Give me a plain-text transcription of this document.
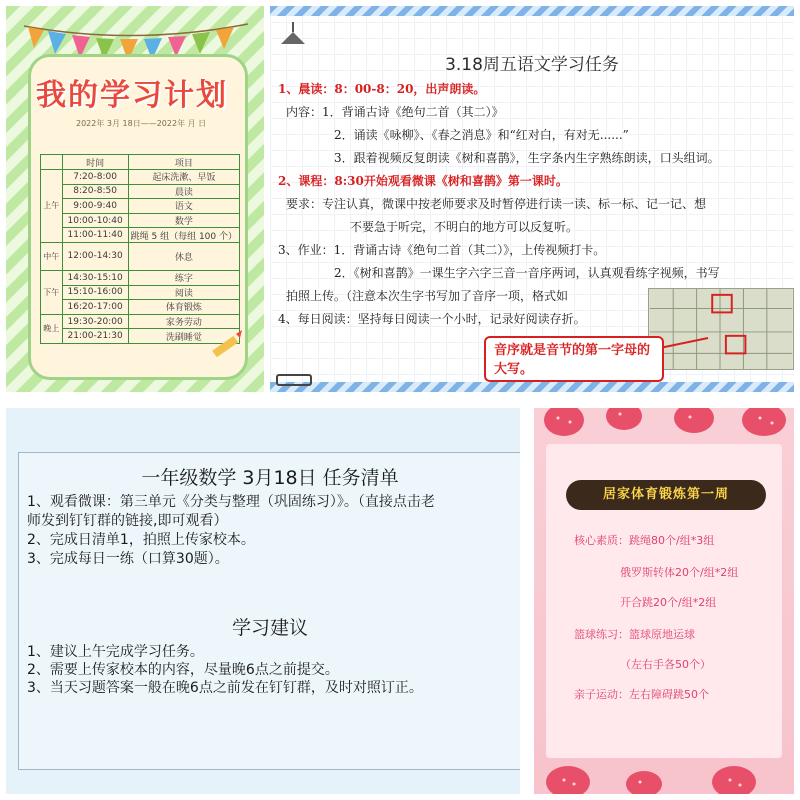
我的学习计划
2022年 3月 18日——2022年 月 日
	时间	项目
上午	7:20-8:00	起床洗漱、早饭
	8:20-8:50	晨读
	9:00-9:40	语文
	10:00-10:40	数学
	11:00-11:40	跳绳 5 组（每组 100 个）
中午	12:00-14:30	休息
下午	14:30-15:10	练字
	15:10-16:00	阅读
	16:20-17:00	体育锻炼
晚上	19:30-20:00	家务劳动
	21:00-21:30	洗刷睡觉
3.18周五语文学习任务
1、晨读：8：00-8：20，出声朗读。
内容：1．背诵古诗《绝句二首（其二）》
2．诵读《咏柳》、《春之消息》和“红对白，有对无......”
3．跟着视频反复朗读《树和喜鹊》，生字条内生字熟练朗读，口头组词。
2、课程：8:30开始观看微课《树和喜鹊》第一课时。
要求：专注认真，微课中按老师要求及时暂停进行读一读、标一标、记一记、想
不要急于听完，不明白的地方可以反复听。
3、作业：1．背诵古诗《绝句二首（其二）》，上传视频打卡。
2．《树和喜鹊》一课生字六字三音一音序两词，认真观看练字视频，书写
拍照上传。（注意本次生字书写加了音序一项，格式如
4、每日阅读：坚持每日阅读一个小时，记录好阅读存折。
音序就是音节的第一字母的大写。
一年级数学 3月18日 任务清单
1、观看微课：第三单元《分类与整理（巩固练习）》。（直接点击老
师发到钉钉群的链接,即可观看）
2、完成日清单1，拍照上传家校本。
3、完成每日一练（口算30题）。
学习建议
1、建议上午完成学习任务。
2、需要上传家校本的内容，尽量晚6点之前提交。
3、当天习题答案一般在晚6点之前发在钉钉群，及时对照订正。
居家体育锻炼第一周
核心素质：跳绳80个/组*3组
俄罗斯转体20个/组*2组
开合跳20个/组*2组
篮球练习：篮球原地运球
（左右手各50个）
亲子运动：左右障碍跳50个
